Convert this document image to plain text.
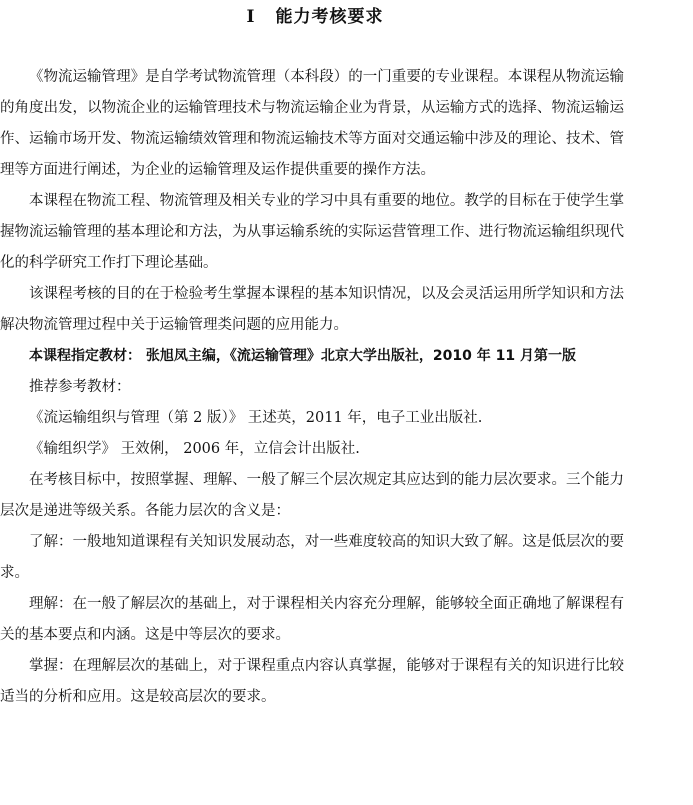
I 能力考核要求

《物流运输管理》是自学考试物流管理（本科段）的一门重要的专业课程。本课程从物流运输的角度出发，以物流企业的运输管理技术与物流运输企业为背景，从运输方式的选择、物流运输运作、运输市场开发、物流运输绩效管理和物流运输技术等方面对交通运输中涉及的理论、技术、管理等方面进行阐述，为企业的运输管理及运作提供重要的操作方法。

本课程在物流工程、物流管理及相关专业的学习中具有重要的地位。教学的目标在于使学生掌握物流运输管理的基本理论和方法，为从事运输系统的实际运营管理工作、进行物流运输组织现代化的科学研究工作打下理论基础。

该课程考核的目的在于检验考生掌握本课程的基本知识情况，以及会灵活运用所学知识和方法解决物流管理过程中关于运输管理类问题的应用能力。

本课程指定教材： 张旭凤主编，《流运输管理》北京大学出版社，2010 年 11 月第一版

推荐参考教材：

《流运输组织与管理（第 2 版）》 王述英，2011 年，电子工业出版社.

《输组织学》 王效俐， 2006 年，立信会计出版社.

在考核目标中，按照掌握、理解、一般了解三个层次规定其应达到的能力层次要求。三个能力层次是递进等级关系。各能力层次的含义是：

了解：一般地知道课程有关知识发展动态，对一些难度较高的知识大致了解。这是低层次的要求。

理解：在一般了解层次的基础上，对于课程相关内容充分理解，能够较全面正确地了解课程有关的基本要点和内涵。这是中等层次的要求。

掌握：在理解层次的基础上，对于课程重点内容认真掌握，能够对于课程有关的知识进行比较适当的分析和应用。这是较高层次的要求。
